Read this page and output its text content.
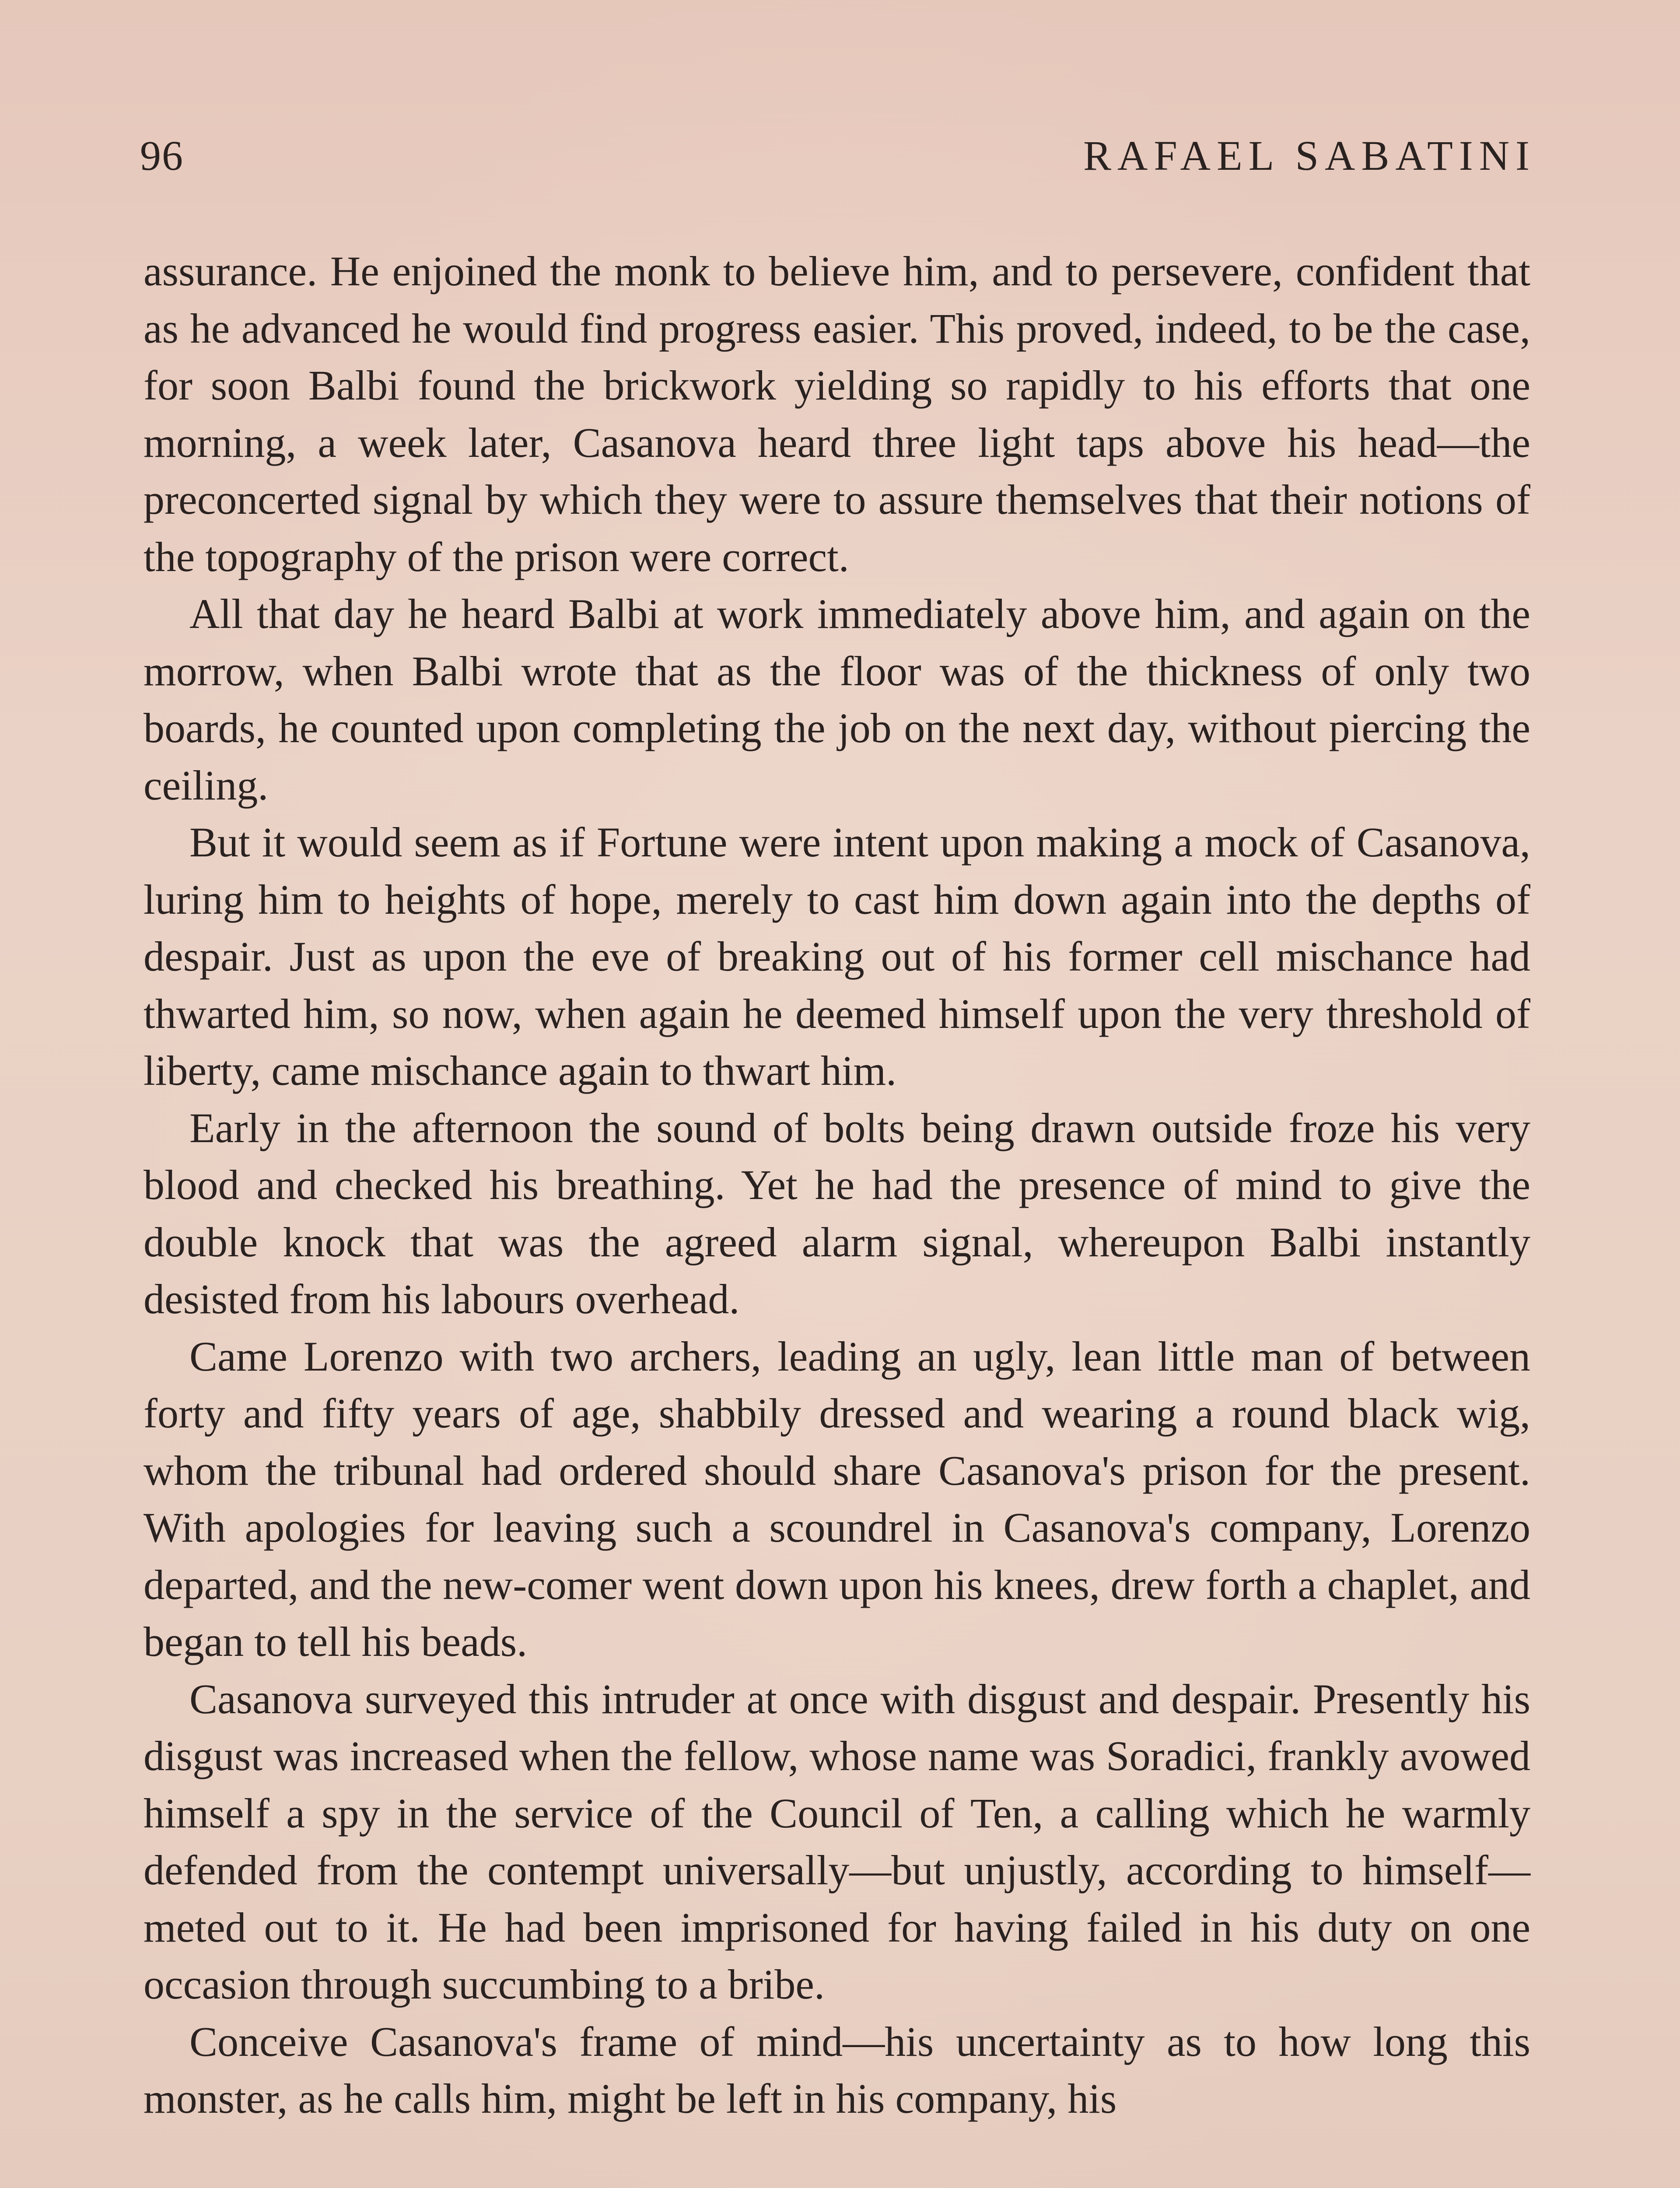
96	RAFAEL SABATINI

assurance. He enjoined the monk to believe him, and to persevere, confident that as he advanced he would find progress easier. This proved, indeed, to be the case, for soon Balbi found the brickwork yielding so rapidly to his efforts that one morning, a week later, Casanova heard three light taps above his head—the preconcerted signal by which they were to assure themselves that their notions of the topography of the prison were correct.

All that day he heard Balbi at work immediately above him, and again on the morrow, when Balbi wrote that as the floor was of the thickness of only two boards, he counted upon completing the job on the next day, without piercing the ceiling.

But it would seem as if Fortune were intent upon making a mock of Casanova, luring him to heights of hope, merely to cast him down again into the depths of despair. Just as upon the eve of breaking out of his former cell mischance had thwarted him, so now, when again he deemed himself upon the very threshold of liberty, came mischance again to thwart him.

Early in the afternoon the sound of bolts being drawn outside froze his very blood and checked his breathing. Yet he had the presence of mind to give the double knock that was the agreed alarm signal, whereupon Balbi instantly desisted from his labours overhead.

Came Lorenzo with two archers, leading an ugly, lean little man of between forty and fifty years of age, shabbily dressed and wearing a round black wig, whom the tribunal had ordered should share Casanova's prison for the present. With apologies for leaving such a scoundrel in Casanova's company, Lorenzo departed, and the new-comer went down upon his knees, drew forth a chaplet, and began to tell his beads.

Casanova surveyed this intruder at once with disgust and despair. Presently his disgust was increased when the fellow, whose name was Soradici, frankly avowed himself a spy in the service of the Council of Ten, a calling which he warmly defended from the contempt universally—but unjustly, according to himself—meted out to it. He had been imprisoned for having failed in his duty on one occasion through succumbing to a bribe.

Conceive Casanova's frame of mind—his uncertainty as to how long this monster, as he calls him, might be left in his company, his
